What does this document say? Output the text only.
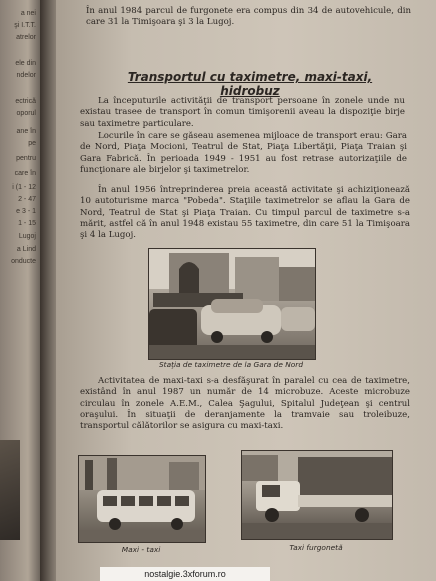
a nei
şi I.T.T.
atrelor
ele din
ndelor
ectrică
oporul
ane în
pe
pentru
care în
i (1 - 12
2 - 47
e 3 - 1
1 - 15
Lugoj
a Lind
onducte
În anul 1984 parcul de furgonete era compus din 34 de autovehicule, din care 31 la Timişoara şi 3 la Lugoj.
Transportul cu taximetre, maxi-taxi, hidrobuz
La începuturile activităţii de transport persoane în zonele unde nu existau trasee de transport în comun timişorenii aveau la dispoziţie birje sau taximetre particulare.
Locurile în care se găseau asemenea mijloace de transport erau: Gara de Nord, Piaţa Mocioni, Teatrul de Stat, Piaţa Libertăţii, Piaţa Traian şi Gara Fabrică. În perioada 1949 - 1951 au fost retrase autorizaţiile de funcţionare ale birjelor şi taximetrelor.
În anul 1956 întreprinderea preia această activitate şi achiziţionează 10 autoturisme marca "Pobeda". Staţiile taximetrelor se aflau la Gara de Nord, Teatrul de Stat şi Piaţa Traian. Cu timpul parcul de taximetre s-a mărit, astfel că în anul 1948 existau 55 taximetre, din care 51 la Timişoara şi 4 la Lugoj.
Staţia de taximetre de la Gara de Nord
Activitatea de maxi-taxi s-a desfăşurat în paralel cu cea de taximetre, existând în anul 1987 un număr de 14 microbuze. Aceste microbuze circulau în zonele A.E.M., Calea Şagului, Spitalul Judeţean şi centrul oraşului. În situaţii de deranjamente la tramvaie sau troleibuze, transportul călătorilor se asigura cu maxi-taxi.
Maxi - taxi	Taxi furgonetă
nostalgie.3xforum.ro
